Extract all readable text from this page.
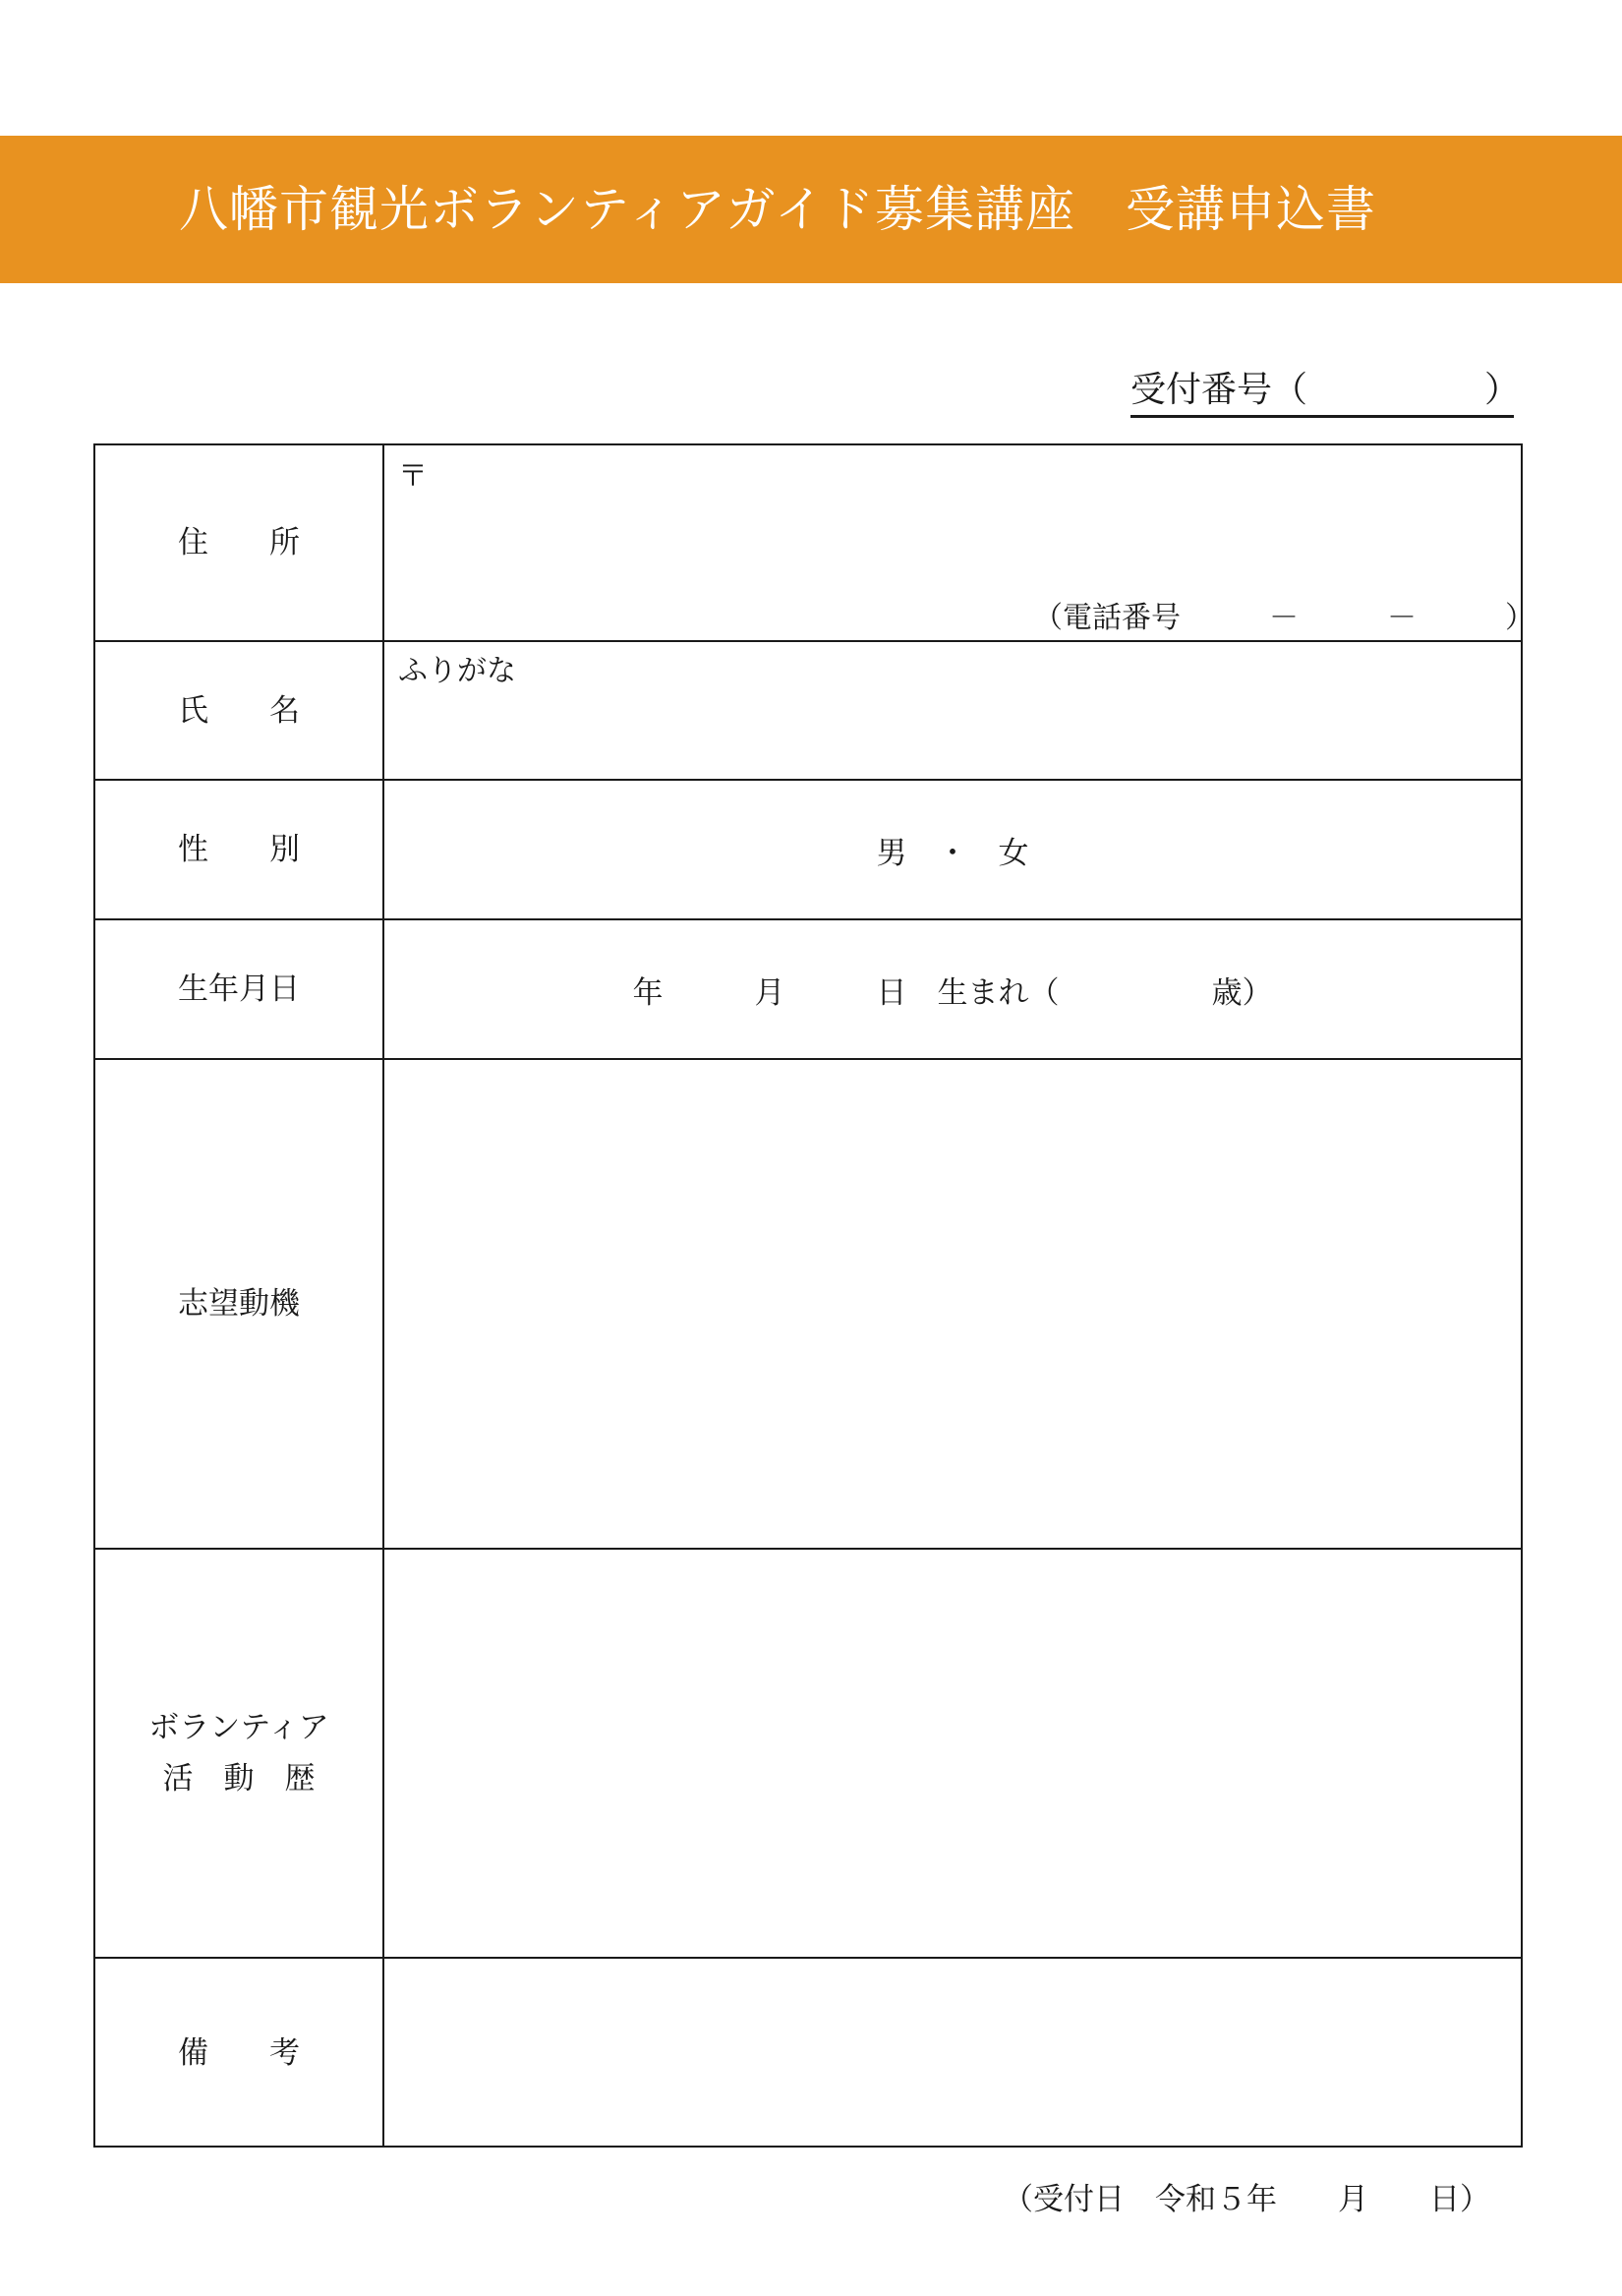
八幡市観光ボランティアガイド募集講座　受講申込書
受付番号（　　　　　）
住　　所
〒
（電話番号　　　－　　　－　　　）
氏　　名
ふりがな
性　　別	男　・　女
生年月日	年　　　月　　　日　生まれ（　　　　　歳）
志望動機
ボランティア
活　動　歴
備　　考
（受付日　令和５年　　月　　日）
